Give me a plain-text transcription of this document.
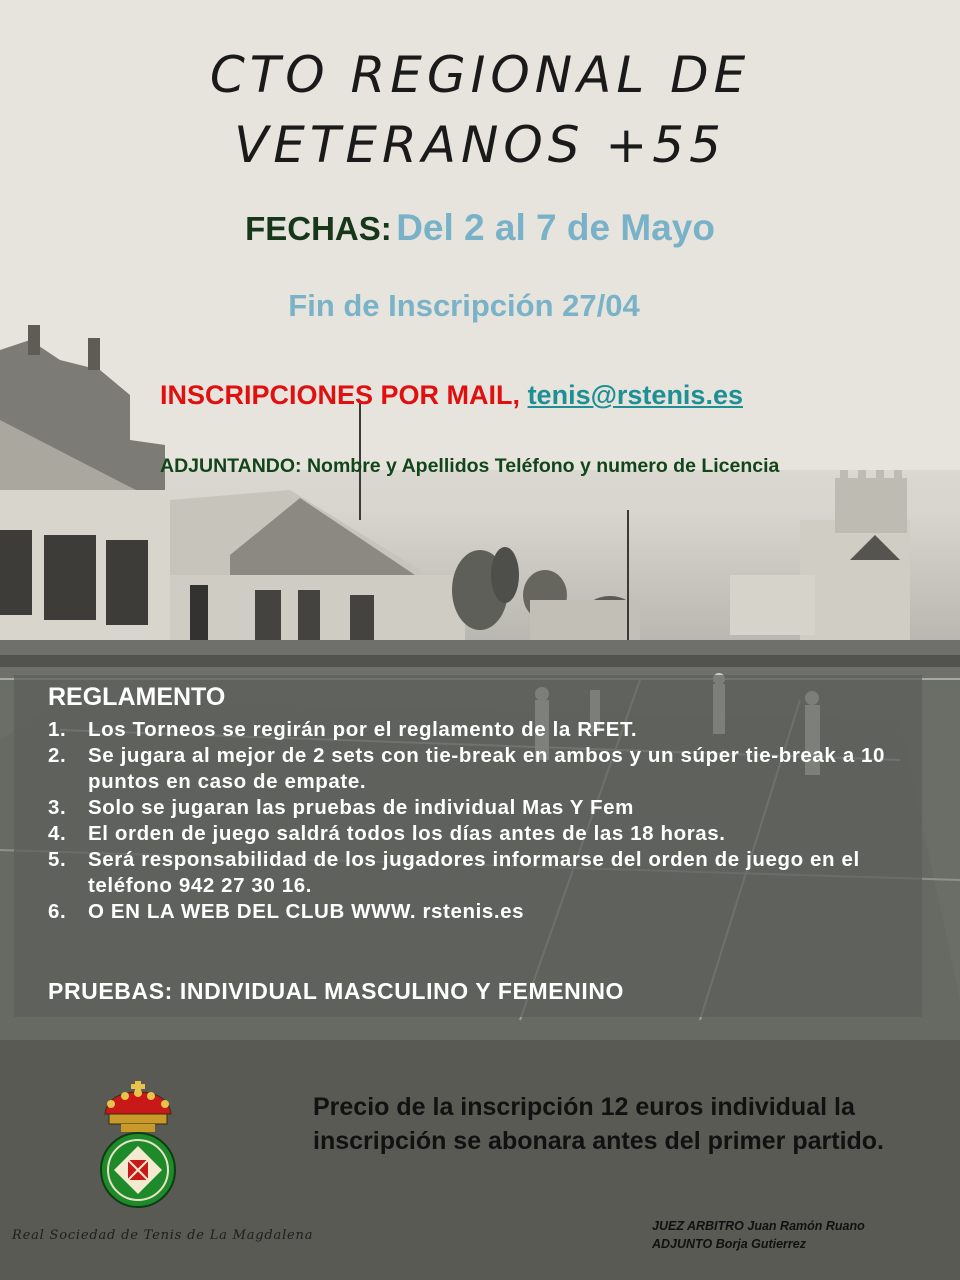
CTO REGIONAL DE
VETERANOS +55
FECHAS: Del 2 al 7 de Mayo
Fin de Inscripción 27/04
INSCRIPCIONES POR MAIL, tenis@rstenis.es
ADJUNTANDO: Nombre y Apellidos Teléfono y numero de Licencia
REGLAMENTO
1. Los Torneos se regirán por el reglamento de la RFET.
2. Se jugara al mejor de 2 sets con tie-break en ambos y un súper tie-break a 10 puntos en caso de empate.
3. Solo se jugaran las pruebas de individual Mas Y Fem
4. El orden de juego saldrá todos los días antes de las 18 horas.
5. Será responsabilidad de los jugadores informarse del orden de juego en el teléfono 942 27 30 16.
6. O EN LA WEB DEL CLUB WWW. rstenis.es
PRUEBAS: INDIVIDUAL MASCULINO Y FEMENINO
Precio de la inscripción 12 euros individual la inscripción se abonara antes del primer partido.
Real Sociedad de Tenis de La Magdalena
JUEZ ARBITRO Juan Ramón Ruano
ADJUNTO Borja Gutierrez
